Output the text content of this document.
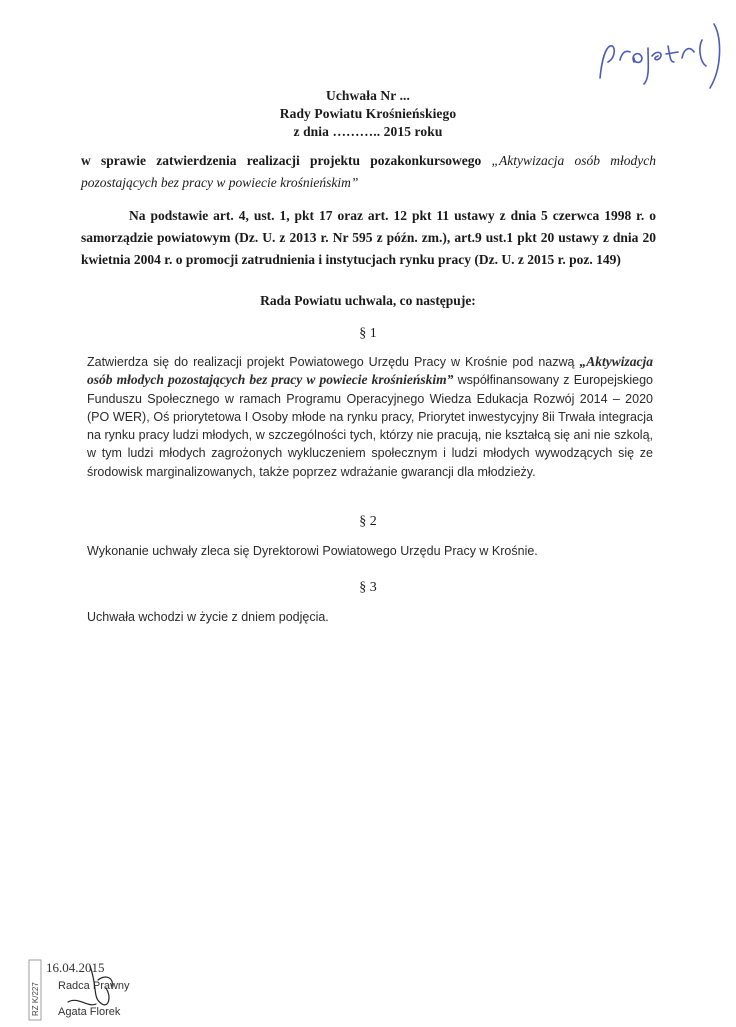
Uchwała Nr ...
Rady Powiatu Krośnieńskiego
z dnia ……….. 2015 roku
w sprawie zatwierdzenia realizacji projektu pozakonkursowego „Aktywizacja osób młodych pozostających bez pracy w powiecie krośnieńskim”
Na podstawie art. 4, ust. 1, pkt 17 oraz art. 12 pkt 11 ustawy z dnia 5 czerwca 1998 r. o samorządzie powiatowym (Dz. U. z 2013 r. Nr 595 z późn. zm.), art.9 ust.1 pkt 20 ustawy z dnia 20 kwietnia 2004 r. o promocji zatrudnienia i instytucjach rynku pracy (Dz. U. z 2015 r. poz. 149)
Rada Powiatu uchwala, co następuje:
§ 1
Zatwierdza się do realizacji projekt Powiatowego Urzędu Pracy w Krośnie pod nazwą „Aktywizacja osób młodych pozostających bez pracy w powiecie krośnieńskim” współfinansowany z Europejskiego Funduszu Społecznego w ramach Programu Operacyjnego Wiedza Edukacja Rozwój 2014 – 2020 (PO WER), Oś priorytetowa I Osoby młode na rynku pracy, Priorytet inwestycyjny 8ii Trwała integracja na rynku pracy ludzi młodych, w szczególności tych, którzy nie pracują, nie kształcą się ani nie szkolą, w tym ludzi młodych zagrożonych wykluczeniem społecznym i ludzi młodych wywodzących się ze środowisk marginalizowanych, także poprzez wdrażanie gwarancji dla młodzieży.
§ 2
Wykonanie uchwały zleca się Dyrektorowi Powiatowego Urzędu Pracy w Krośnie.
§ 3
Uchwała wchodzi w życie z dniem podjęcia.
RZ K/227
16.04.2015
Radca Prawny
Agata Florek
